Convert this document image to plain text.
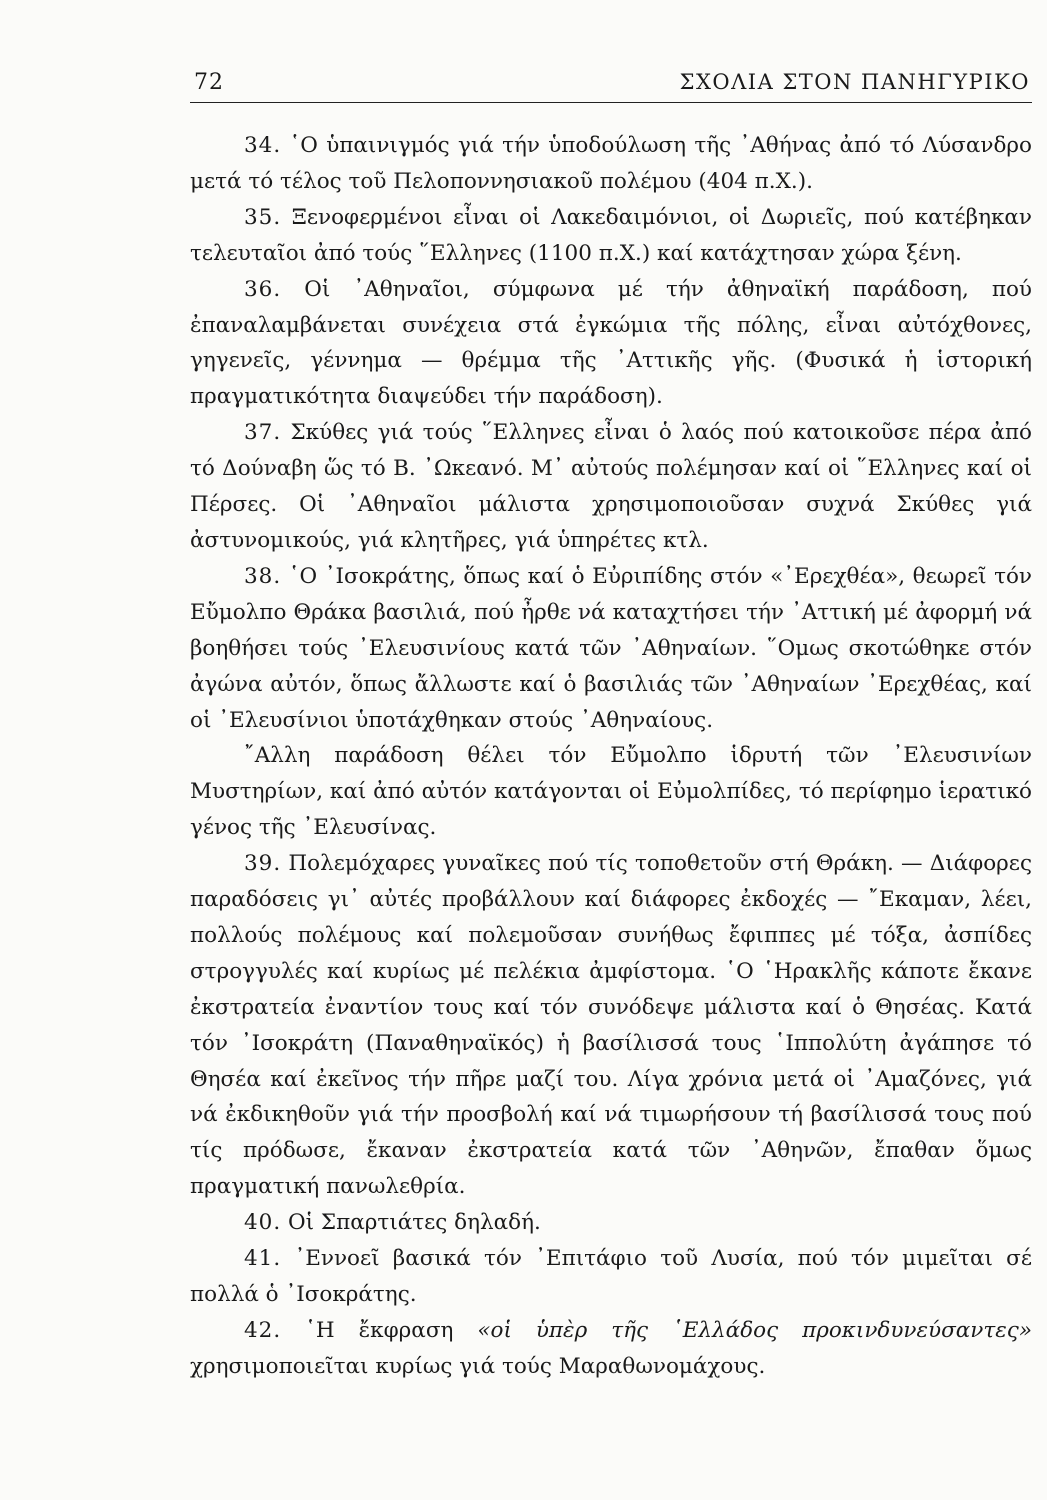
72	ΣΧΟΛΙΑ ΣΤΟΝ ΠΑΝΗΓΥΡΙΚΟ

34. ῾Ο ὑπαινιγμός γιά τήν ὑποδούλωση τῆς ᾿Αθήνας ἀπό τό Λύσανδρο μετά τό τέλος τοῦ Πελοποννησιακοῦ πολέμου (404 π.Χ.).

35. Ξενοφερμένοι εἶναι οἱ Λακεδαιμόνιοι, οἱ Δωριεῖς, πού κατέβηκαν τελευταῖοι ἀπό τούς ῞Ελληνες (1100 π.Χ.) καί κατάχτησαν χώρα ξένη.

36. Οἱ ᾿Αθηναῖοι, σύμφωνα μέ τήν ἀθηναϊκή παράδοση, πού ἐπαναλαμβάνεται συνέχεια στά ἐγκώμια τῆς πόλης, εἶναι αὐτόχθονες, γηγενεῖς, γέννημα — θρέμμα τῆς ᾿Αττικῆς γῆς. (Φυσικά ἡ ἱστορική πραγματικότητα διαψεύδει τήν παράδοση).

37. Σκύθες γιά τούς ῞Ελληνες εἶναι ὁ λαός πού κατοικοῦσε πέρα ἀπό τό Δούναβη ὥς τό Β. ᾿Ωκεανό. Μ᾿ αὐτούς πολέμησαν καί οἱ ῞Ελληνες καί οἱ Πέρσες. Οἱ ᾿Αθηναῖοι μάλιστα χρησιμοποιοῦσαν συχνά Σκύθες γιά ἀστυνομικούς, γιά κλητῆρες, γιά ὑπηρέτες κτλ.

38. ῾Ο ᾿Ισοκράτης, ὅπως καί ὁ Εὐριπίδης στόν «᾿Ερεχθέα», θεωρεῖ τόν Εὔμολπο Θράκα βασιλιά, πού ἦρθε νά καταχτήσει τήν ᾿Αττική μέ ἀφορμή νά βοηθήσει τούς ᾿Ελευσινίους κατά τῶν ᾿Αθηναίων. ῞Ομως σκοτώθηκε στόν ἀγώνα αὐτόν, ὅπως ἄλλωστε καί ὁ βασιλιάς τῶν ᾿Αθηναίων ᾿Ερεχθέας, καί οἱ ᾿Ελευσίνιοι ὑποτάχθηκαν στούς ᾿Αθηναίους.

῎Αλλη παράδοση θέλει τόν Εὔμολπο ἱδρυτή τῶν ᾿Ελευσινίων Μυστηρίων, καί ἀπό αὐτόν κατάγονται οἱ Εὐμολπίδες, τό περίφημο ἱερατικό γένος τῆς ᾿Ελευσίνας.

39. Πολεμόχαρες γυναῖκες πού τίς τοποθετοῦν στή Θράκη. — Διάφορες παραδόσεις γι᾿ αὐτές προβάλλουν καί διάφορες ἐκδοχές — ῎Εκαμαν, λέει, πολλούς πολέμους καί πολεμοῦσαν συνήθως ἔφιππες μέ τόξα, ἀσπίδες στρογγυλές καί κυρίως μέ πελέκια ἀμφίστομα. ῾Ο ῾Ηρακλῆς κάποτε ἔκανε ἐκστρατεία ἐναντίον τους καί τόν συνόδεψε μάλιστα καί ὁ Θησέας. Κατά τόν ᾿Ισοκράτη (Παναθηναϊκός) ἡ βασίλισσά τους ῾Ιππολύτη ἀγάπησε τό Θησέα καί ἐκεῖνος τήν πῆρε μαζί του. Λίγα χρόνια μετά οἱ ᾿Αμαζόνες, γιά νά ἐκδικηθοῦν γιά τήν προσβολή καί νά τιμωρήσουν τή βασίλισσά τους πού τίς πρόδωσε, ἔκαναν ἐκστρατεία κατά τῶν ᾿Αθηνῶν, ἔπαθαν ὅμως πραγματική πανωλεθρία.

40. Οἱ Σπαρτιάτες δηλαδή.

41. ᾿Εννοεῖ βασικά τόν ᾿Επιτάφιο τοῦ Λυσία, πού τόν μιμεῖται σέ πολλά ὁ ᾿Ισοκράτης.

42. ῾Η ἔκφραση «οἱ ὑπὲρ τῆς ῾Ελλάδος προκινδυνεύσαντες» χρησιμοποιεῖται κυρίως γιά τούς Μαραθωνομάχους.
